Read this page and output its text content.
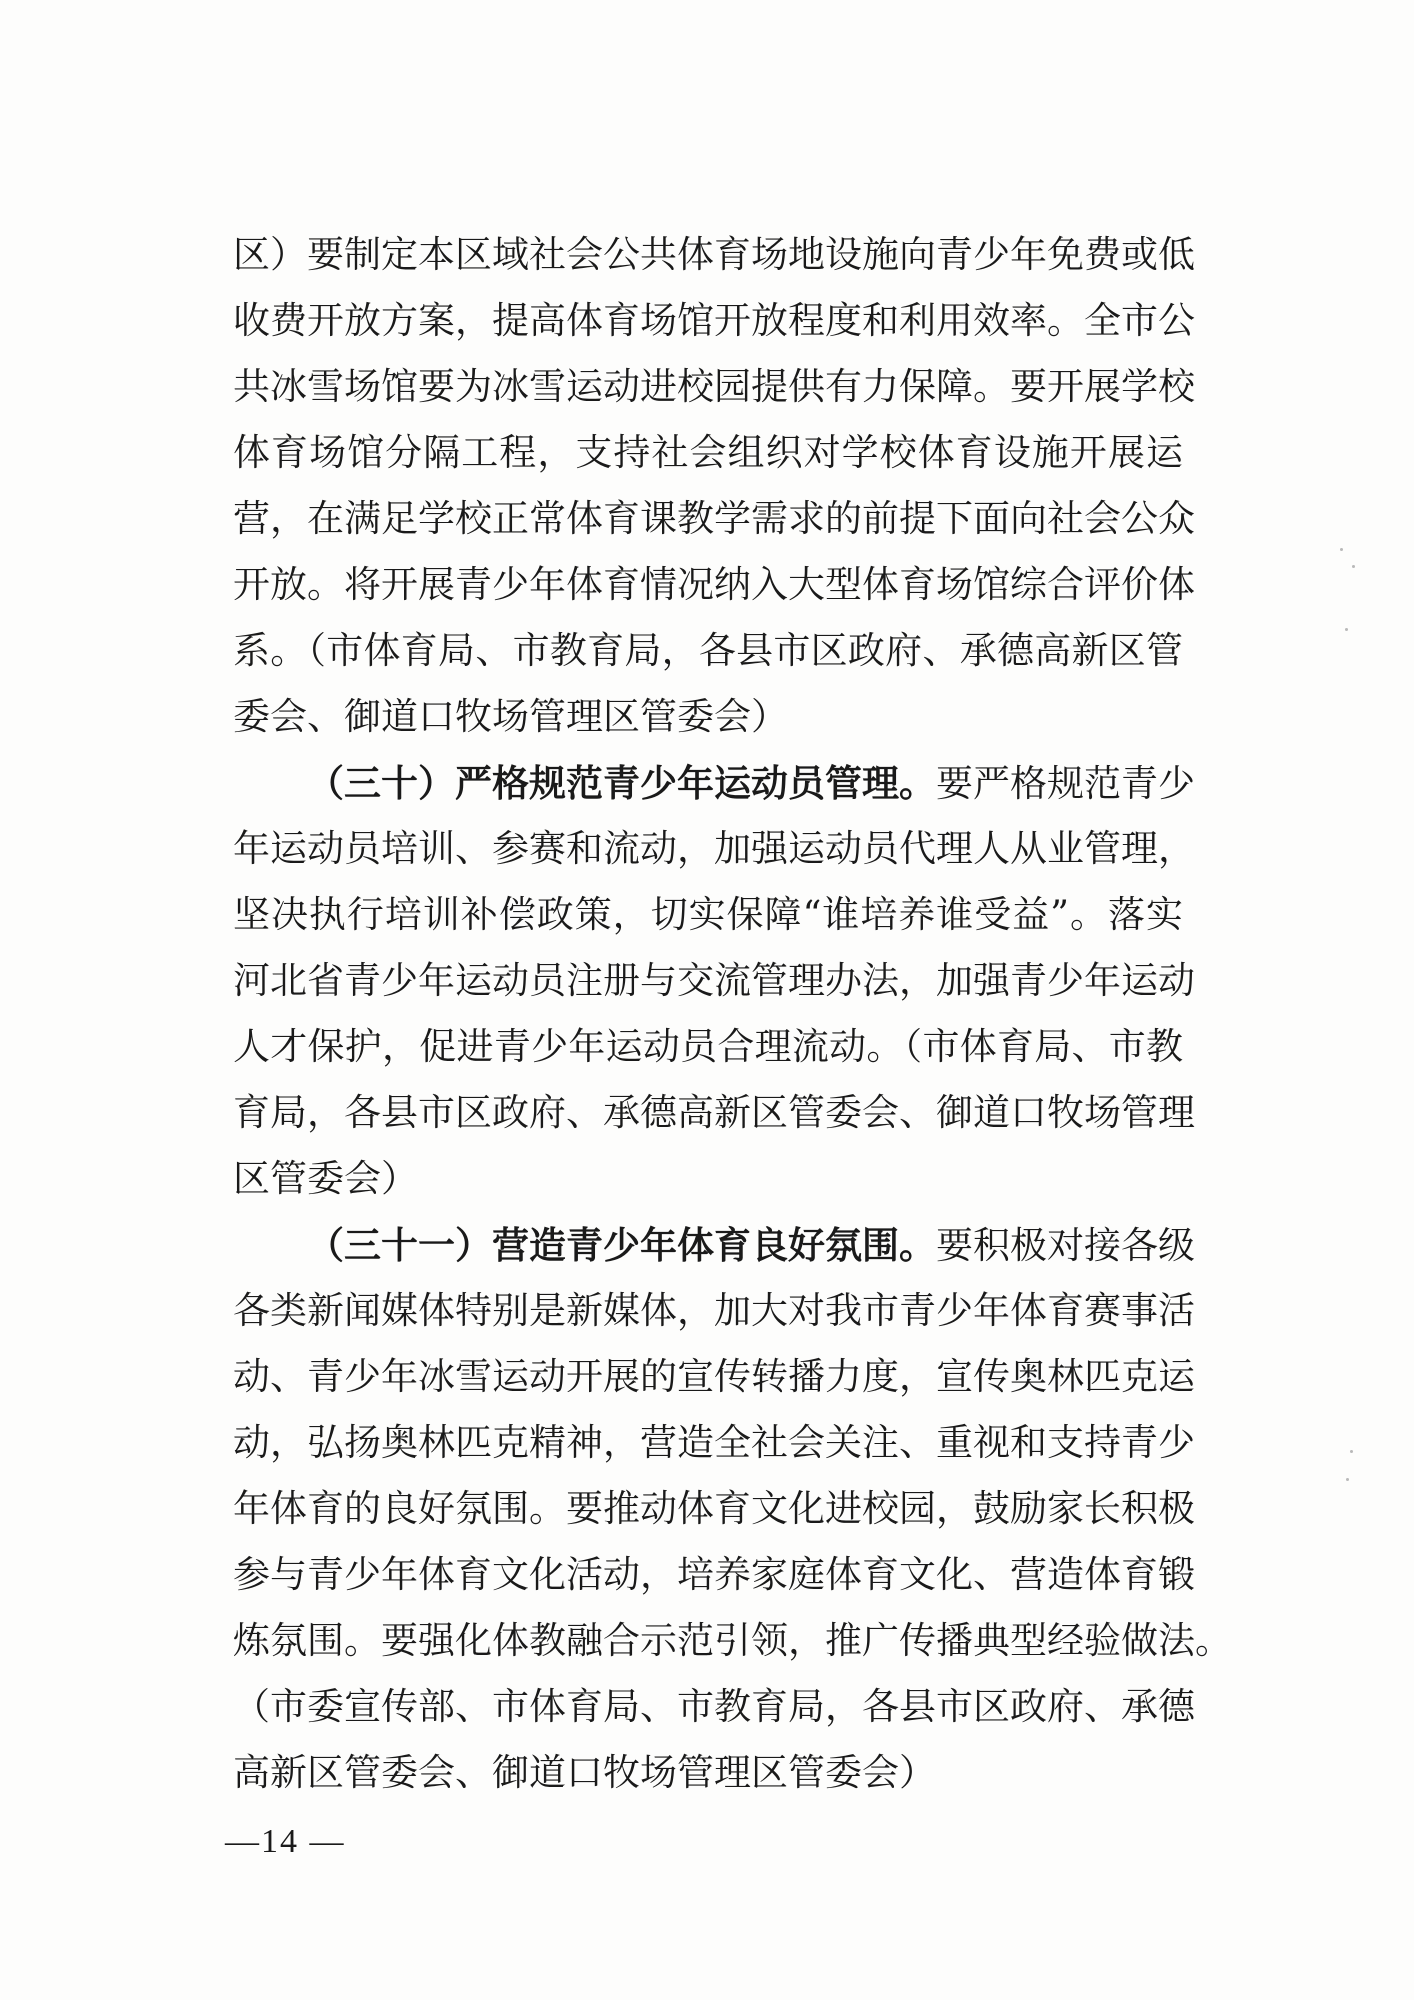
区）要制定本区域社会公共体育场地设施向青少年免费或低
收费开放方案，提高体育场馆开放程度和利用效率。全市公
共冰雪场馆要为冰雪运动进校园提供有力保障。要开展学校
体育场馆分隔工程，支持社会组织对学校体育设施开展运
营，在满足学校正常体育课教学需求的前提下面向社会公众
开放。将开展青少年体育情况纳入大型体育场馆综合评价体
系。（市体育局、市教育局，各县市区政府、承德高新区管
委会、御道口牧场管理区管委会）
（三十）严格规范青少年运动员管理。要严格规范青少
年运动员培训、参赛和流动，加强运动员代理人从业管理，
坚决执行培训补偿政策，切实保障“谁培养谁受益”。落实
河北省青少年运动员注册与交流管理办法，加强青少年运动
人才保护，促进青少年运动员合理流动。（市体育局、市教
育局，各县市区政府、承德高新区管委会、御道口牧场管理
区管委会）
（三十一）营造青少年体育良好氛围。要积极对接各级
各类新闻媒体特别是新媒体，加大对我市青少年体育赛事活
动、青少年冰雪运动开展的宣传转播力度，宣传奥林匹克运
动，弘扬奥林匹克精神，营造全社会关注、重视和支持青少
年体育的良好氛围。要推动体育文化进校园，鼓励家长积极
参与青少年体育文化活动，培养家庭体育文化、营造体育锻
炼氛围。要强化体教融合示范引领，推广传播典型经验做法。
（市委宣传部、市体育局、市教育局，各县市区政府、承德
高新区管委会、御道口牧场管理区管委会）
—14 —
